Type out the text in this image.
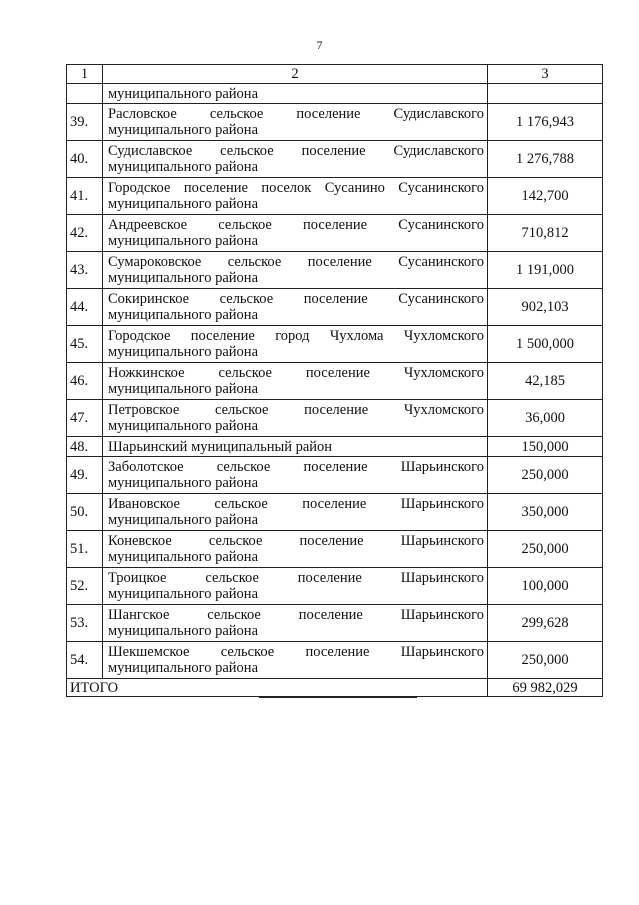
7
1	2	3
	муниципального района	
39.	Расловское сельское поселение Судиславского муниципального района	1 176,943
40.	Судиславское сельское поселение Судиславского муниципального района	1 276,788
41.	Городское поселение поселок Сусанино Сусанинского муниципального района	142,700
42.	Андреевское сельское поселение Сусанинского муниципального района	710,812
43.	Сумароковское сельское поселение Сусанинского муниципального района	1 191,000
44.	Сокиринское сельское поселение Сусанинского муниципального района	902,103
45.	Городское поселение город Чухлома Чухломского муниципального района	1 500,000
46.	Ножкинское сельское поселение Чухломского муниципального района	42,185
47.	Петровское сельское поселение Чухломского муниципального района	36,000
48.	Шарьинский муниципальный район	150,000
49.	Заболотское сельское поселение Шарьинского муниципального района	250,000
50.	Ивановское сельское поселение Шарьинского муниципального района	350,000
51.	Коневское сельское поселение Шарьинского муниципального района	250,000
52.	Троицкое сельское поселение Шарьинского муниципального района	100,000
53.	Шангское сельское поселение Шарьинского муниципального района	299,628
54.	Шекшемское сельское поселение Шарьинского муниципального района	250,000
ИТОГО		69 982,029
